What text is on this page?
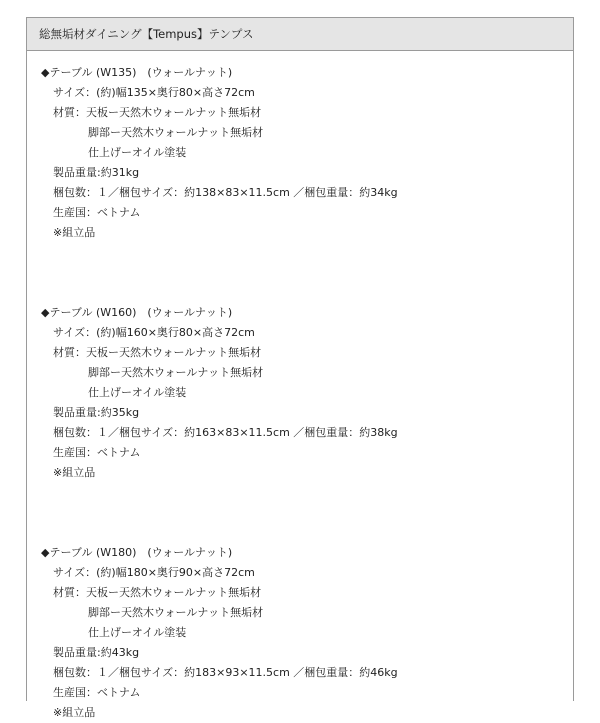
総無垢材ダイニング【Tempus】テンプス
◆テーブル (W135)　(ウォールナット)
サイズ：(約)幅135×奥行80×高さ72cm
材質：天板ー天然木ウォールナット無垢材
脚部ー天然木ウォールナット無垢材
仕上げーオイル塗装
製品重量:約31kg
梱包数：１／梱包サイズ：約138×83×11.5cm ／梱包重量：約34kg
生産国：ベトナム
※組立品
◆テーブル (W160)　(ウォールナット)
サイズ：(約)幅160×奥行80×高さ72cm
材質：天板ー天然木ウォールナット無垢材
脚部ー天然木ウォールナット無垢材
仕上げーオイル塗装
製品重量:約35kg
梱包数：１／梱包サイズ：約163×83×11.5cm ／梱包重量：約38kg
生産国：ベトナム
※組立品
◆テーブル (W180)　(ウォールナット)
サイズ：(約)幅180×奥行90×高さ72cm
材質：天板ー天然木ウォールナット無垢材
脚部ー天然木ウォールナット無垢材
仕上げーオイル塗装
製品重量:約43kg
梱包数：１／梱包サイズ：約183×93×11.5cm ／梱包重量：約46kg
生産国：ベトナム
※組立品
